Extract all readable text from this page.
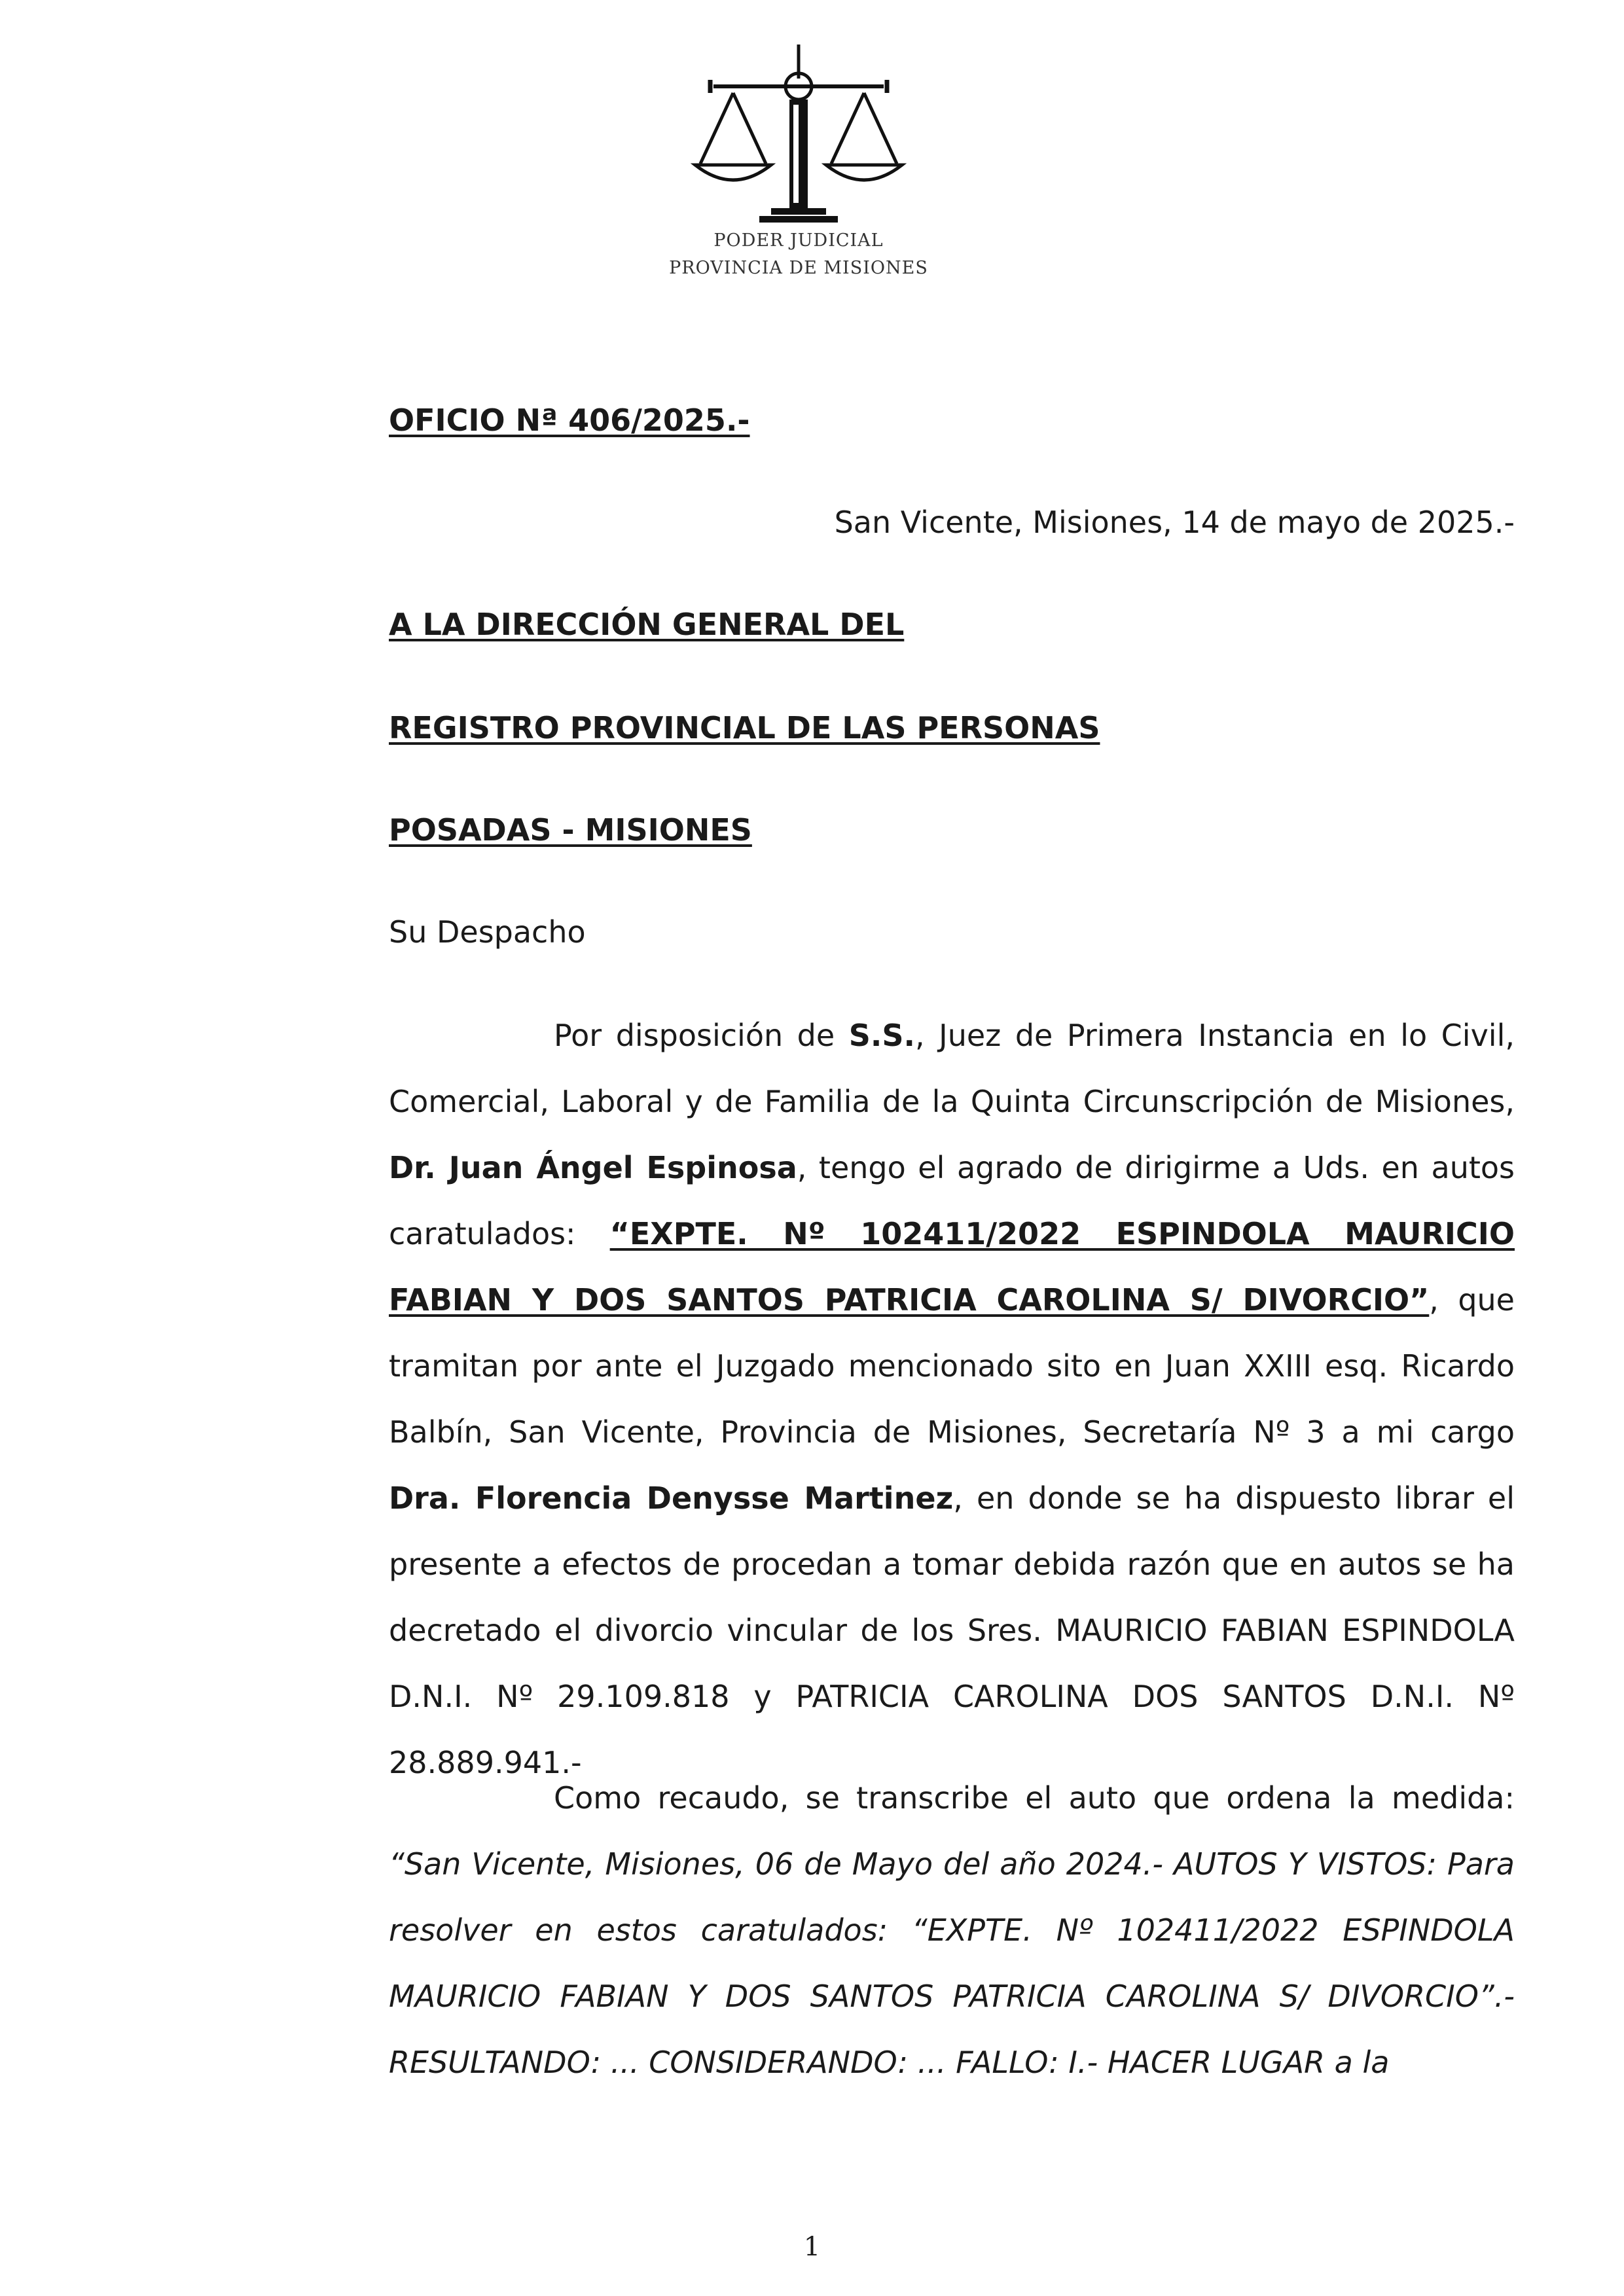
PODER JUDICIAL
PROVINCIA DE MISIONES
OFICIO Nª 406/2025.-
San Vicente, Misiones, 14 de mayo de 2025.-
A LA DIRECCIÓN GENERAL DEL
REGISTRO PROVINCIAL DE LAS PERSONAS
POSADAS - MISIONES
Su Despacho
Por disposición de S.S., Juez de Primera Instancia en lo Civil, Comercial, Laboral y de Familia de la Quinta Circunscripción de Misiones, Dr. Juan Ángel Espinosa, tengo el agrado de dirigirme a Uds. en autos caratulados: “EXPTE. Nº 102411/2022 ESPINDOLA MAURICIO FABIAN Y DOS SANTOS PATRICIA CAROLINA S/ DIVORCIO”, que tramitan por ante el Juzgado mencionado sito en Juan XXIII esq. Ricardo Balbín, San Vicente, Provincia de Misiones, Secretaría Nº 3 a mi cargo Dra. Florencia Denysse Martinez, en donde se ha dispuesto librar el presente a efectos de procedan a tomar debida razón que en autos se ha decretado el divorcio vincular de los Sres. MAURICIO FABIAN ESPINDOLA D.N.I. Nº 29.109.818 y PATRICIA CAROLINA DOS SANTOS D.N.I. Nº 28.889.941.-
Como recaudo, se transcribe el auto que ordena la medida: “San Vicente, Misiones, 06 de Mayo del año 2024.- AUTOS Y VISTOS: Para resolver en estos caratulados: “EXPTE. Nº 102411/2022 ESPINDOLA MAURICIO FABIAN Y DOS SANTOS PATRICIA CAROLINA S/ DIVORCIO”.- RESULTANDO: ... CONSIDERANDO: ... FALLO: I.- HACER LUGAR a la
1
